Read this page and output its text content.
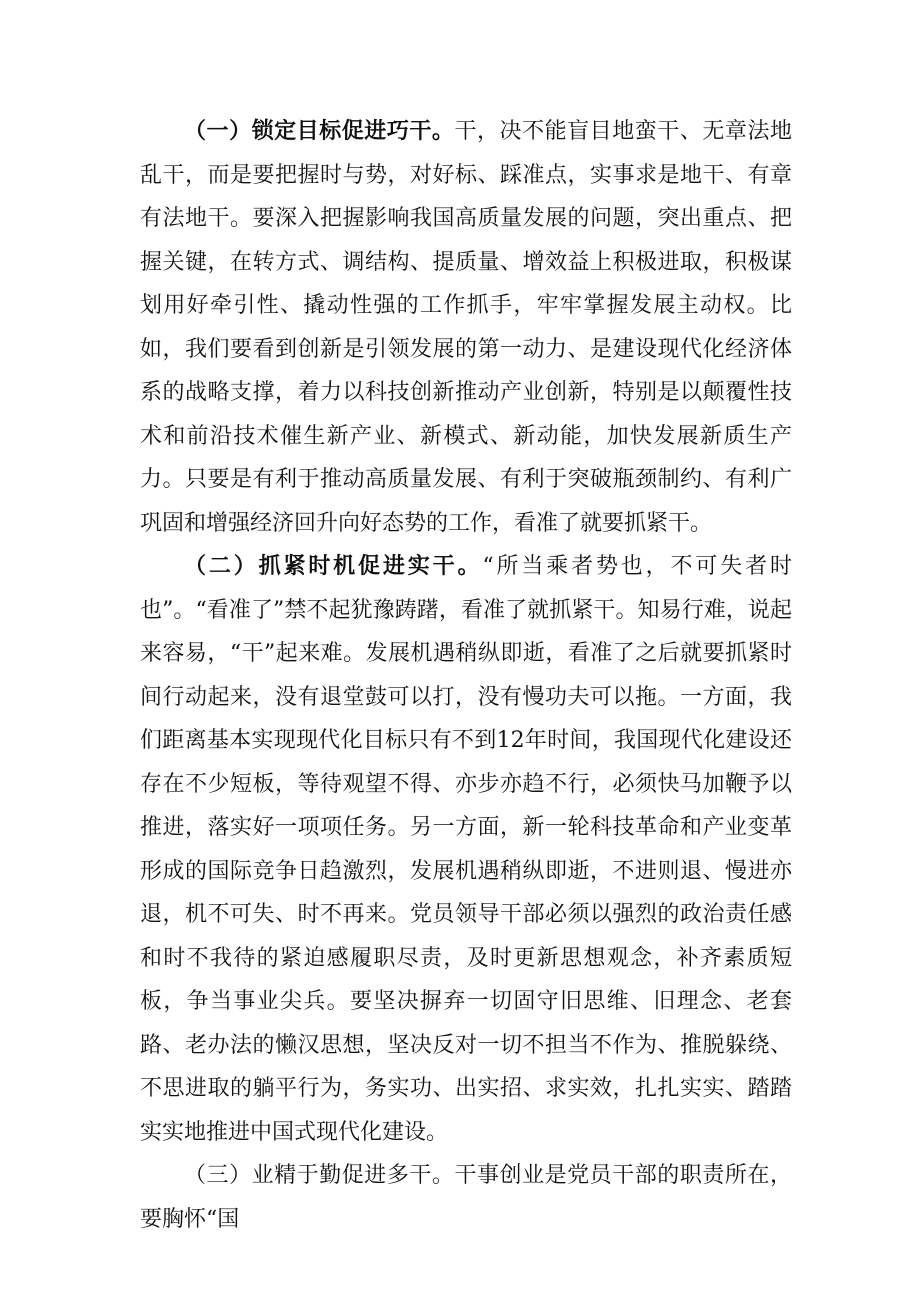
（一）锁定目标促进巧干。干，决不能盲目地蛮干、无章法地乱干，而是要把握时与势，对好标、踩准点，实事求是地干、有章有法地干。要深入把握影响我国高质量发展的问题，突出重点、把握关键，在转方式、调结构、提质量、增效益上积极进取，积极谋划用好牵引性、撬动性强的工作抓手，牢牢掌握发展主动权。比如，我们要看到创新是引领发展的第一动力、是建设现代化经济体系的战略支撑，着力以科技创新推动产业创新，特别是以颠覆性技术和前沿技术催生新产业、新模式、新动能，加快发展新质生产力。只要是有利于推动高质量发展、有利于突破瓶颈制约、有利广巩固和增强经济回升向好态势的工作，看准了就要抓紧干。

（二）抓紧时机促进实干。“所当乘者势也，不可失者时也”。“看准了”禁不起犹豫踌躇，看准了就抓紧干。知易行难，说起来容易，“干”起来难。发展机遇稍纵即逝，看准了之后就要抓紧时间行动起来，没有退堂鼓可以打，没有慢功夫可以拖。一方面，我们距离基本实现现代化目标只有不到12年时间，我国现代化建设还存在不少短板，等待观望不得、亦步亦趋不行，必须快马加鞭予以推进，落实好一项项任务。另一方面，新一轮科技革命和产业变革形成的国际竞争日趋激烈，发展机遇稍纵即逝，不进则退、慢进亦退，机不可失、时不再来。党员领导干部必须以强烈的政治责任感和时不我待的紧迫感履职尽责，及时更新思想观念，补齐素质短板，争当事业尖兵。要坚决摒弃一切固守旧思维、旧理念、老套路、老办法的懒汉思想，坚决反对一切不担当不作为、推脱躲绕、不思进取的躺平行为，务实功、出实招、求实效，扎扎实实、踏踏实实地推进中国式现代化建设。

（三）业精于勤促进多干。干事创业是党员干部的职责所在，要胸怀“国
